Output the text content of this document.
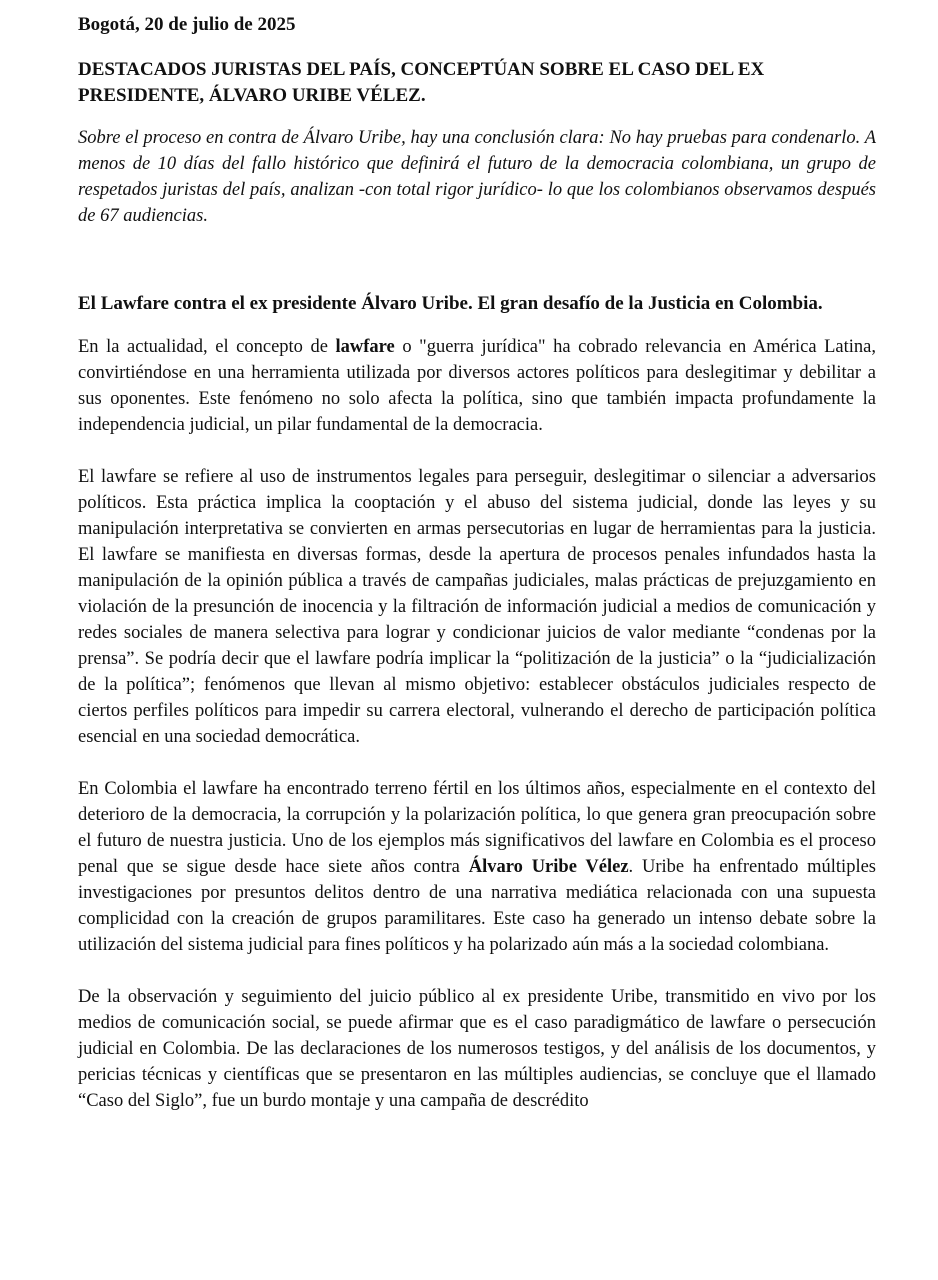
Bogotá, 20 de julio de 2025

DESTACADOS JURISTAS DEL PAÍS, CONCEPTÚAN SOBRE EL CASO DEL EX PRESIDENTE, ÁLVARO URIBE VÉLEZ.

Sobre el proceso en contra de Álvaro Uribe, hay una conclusión clara: No hay pruebas para condenarlo. A menos de 10 días del fallo histórico que definirá el futuro de la democracia colombiana, un grupo de respetados juristas del país, analizan -con total rigor jurídico- lo que los colombianos observamos después de 67 audiencias.

El Lawfare contra el ex presidente Álvaro Uribe. El gran desafío de la Justicia en Colombia.

En la actualidad, el concepto de lawfare o "guerra jurídica" ha cobrado relevancia en América Latina, convirtiéndose en una herramienta utilizada por diversos actores políticos para deslegitimar y debilitar a sus oponentes. Este fenómeno no solo afecta la política, sino que también impacta profundamente la independencia judicial, un pilar fundamental de la democracia.

El lawfare se refiere al uso de instrumentos legales para perseguir, deslegitimar o silenciar a adversarios políticos. Esta práctica implica la cooptación y el abuso del sistema judicial, donde las leyes y su manipulación interpretativa se convierten en armas persecutorias en lugar de herramientas para la justicia. El lawfare se manifiesta en diversas formas, desde la apertura de procesos penales infundados hasta la manipulación de la opinión pública a través de campañas judiciales, malas prácticas de prejuzgamiento en violación de la presunción de inocencia y la filtración de información judicial a medios de comunicación y redes sociales de manera selectiva para lograr y condicionar juicios de valor mediante “condenas por la prensa”. Se podría decir que el lawfare podría implicar la “politización de la justicia” o la “judicialización de la política”; fenómenos que llevan al mismo objetivo: establecer obstáculos judiciales respecto de ciertos perfiles políticos para impedir su carrera electoral, vulnerando el derecho de participación política esencial en una sociedad democrática.

En Colombia el lawfare ha encontrado terreno fértil en los últimos años, especialmente en el contexto del deterioro de la democracia, la corrupción y la polarización política, lo que genera gran preocupación sobre el futuro de nuestra justicia. Uno de los ejemplos más significativos del lawfare en Colombia es el proceso penal que se sigue desde hace siete años contra Álvaro Uribe Vélez. Uribe ha enfrentado múltiples investigaciones por presuntos delitos dentro de una narrativa mediática relacionada con una supuesta complicidad con la creación de grupos paramilitares. Este caso ha generado un intenso debate sobre la utilización del sistema judicial para fines políticos y ha polarizado aún más a la sociedad colombiana.

De la observación y seguimiento del juicio público al ex presidente Uribe, transmitido en vivo por los medios de comunicación social, se puede afirmar que es el caso paradigmático de lawfare o persecución judicial en Colombia. De las declaraciones de los numerosos testigos, y del análisis de los documentos, y pericias técnicas y científicas que se presentaron en las múltiples audiencias, se concluye que el llamado “Caso del Siglo”, fue un burdo montaje y una campaña de descrédito
